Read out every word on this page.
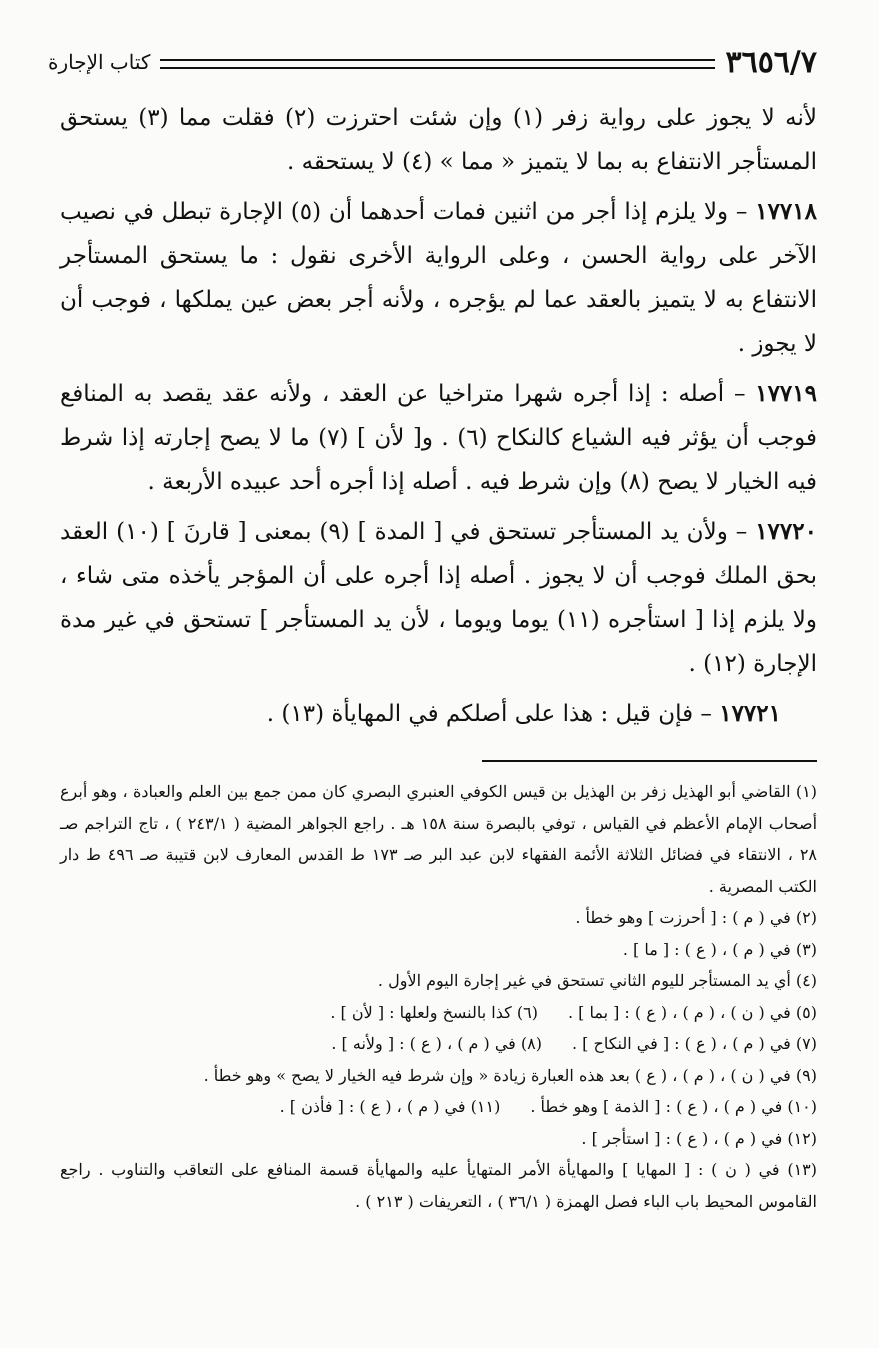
٣٦٥٦/٧
كتاب الإجارة

لأنه لا يجوز على رواية زفر (١) وإن شئت احترزت (٢) فقلت مما (٣) يستحق المستأجر الانتفاع به بما لا يتميز « مما » (٤) لا يستحقه .

١٧٧١٨ – ولا يلزم إذا أجر من اثنين فمات أحدهما أن (٥) الإجارة تبطل في نصيب الآخر على رواية الحسن ، وعلى الرواية الأخرى نقول : ما يستحق المستأجر الانتفاع به لا يتميز بالعقد عما لم يؤجره ، ولأنه أجر بعض عين يملكها ، فوجب أن لا يجوز .

١٧٧١٩ – أصله : إذا أجره شهرا متراخيا عن العقد ، ولأنه عقد يقصد به المنافع فوجب أن يؤثر فيه الشياع كالنكاح (٦) . و[ لأن ] (٧) ما لا يصح إجارته إذا شرط فيه الخيار لا يصح (٨) وإن شرط فيه . أصله إذا أجره أحد عبيده الأربعة .

١٧٧٢٠ – ولأن يد المستأجر تستحق في [ المدة ] (٩) بمعنى [ قارنَ ] (١٠) العقد بحق الملك فوجب أن لا يجوز . أصله إذا أجره على أن المؤجر يأخذه متى شاء ، ولا يلزم إذا [ استأجره (١١) يوما ويوما ، لأن يد المستأجر ] تستحق في غير مدة الإجارة (١٢) .

١٧٧٢١ – فإن قيل : هذا على أصلكم في المهايأة (١٣) .

(١) القاضي أبو الهذيل زفر بن الهذيل بن قيس الكوفي العنبري البصري كان ممن جمع بين العلم والعبادة ، وهو أبرع أصحاب الإمام الأعظم في القياس ، توفي بالبصرة سنة ١٥٨ هـ . راجع الجواهر المضية ( ٢٤٣/١ ) ، تاج التراجم صـ ٢٨ ، الانتقاء في فضائل الثلاثة الأئمة الفقهاء لابن عبد البر صـ ١٧٣ ط القدس المعارف لابن قتيبة صـ ٤٩٦ ط دار الكتب المصرية .

(٢) في ( م ) : [ أحرزت ] وهو خطأ .

(٣) في ( م ) ، ( ع ) : [ ما ] .

(٤) أي يد المستأجر لليوم الثاني تستحق في غير إجارة اليوم الأول .

(٥) في ( ن ) ، ( م ) ، ( ع ) : [ بما ] .
(٦) كذا بالنسخ ولعلها : [ لأن ] .

(٧) في ( م ) ، ( ع ) : [ في النكاح ] .
(٨) في ( م ) ، ( ع ) : [ ولأنه ] .

(٩) في ( ن ) ، ( م ) ، ( ع ) بعد هذه العبارة زيادة « وإن شرط فيه الخيار لا يصح » وهو خطأ .

(١٠) في ( م ) ، ( ع ) : [ الذمة ] وهو خطأ .
(١١) في ( م ) ، ( ع ) : [ فأذن ] .

(١٢) في ( م ) ، ( ع ) : [ استأجر ] .

(١٣) في ( ن ) : [ المهايا ] والمهايأة الأمر المتهايأ عليه والمهايأة قسمة المنافع على التعاقب والتناوب . راجع القاموس المحيط باب الباء فصل الهمزة ( ٣٦/١ ) ، التعريفات ( ٢١٣ ) .
